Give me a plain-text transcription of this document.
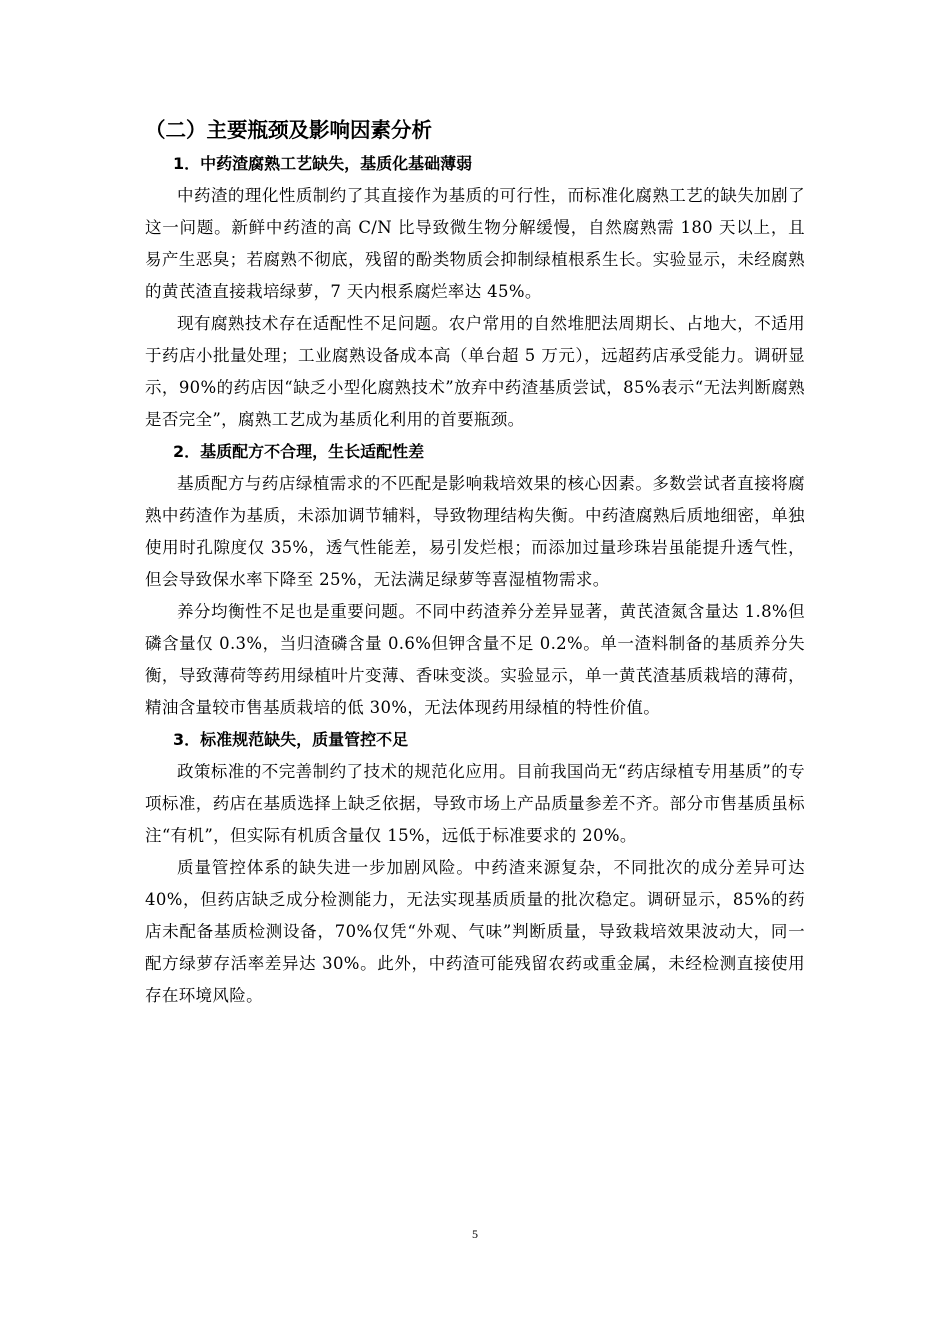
（二）主要瓶颈及影响因素分析
1．中药渣腐熟工艺缺失，基质化基础薄弱

中药渣的理化性质制约了其直接作为基质的可行性，而标准化腐熟工艺的缺失加剧了这一问题。新鲜中药渣的高 C/N 比导致微生物分解缓慢，自然腐熟需 180 天以上，且易产生恶臭；若腐熟不彻底，残留的酚类物质会抑制绿植根系生长。实验显示，未经腐熟的黄芪渣直接栽培绿萝，7 天内根系腐烂率达 45%。

现有腐熟技术存在适配性不足问题。农户常用的自然堆肥法周期长、占地大，不适用于药店小批量处理；工业腐熟设备成本高（单台超 5 万元），远超药店承受能力。调研显示，90%的药店因“缺乏小型化腐熟技术”放弃中药渣基质尝试，85%表示“无法判断腐熟是否完全”，腐熟工艺成为基质化利用的首要瓶颈。

2．基质配方不合理，生长适配性差

基质配方与药店绿植需求的不匹配是影响栽培效果的核心因素。多数尝试者直接将腐熟中药渣作为基质，未添加调节辅料，导致物理结构失衡。中药渣腐熟后质地细密，单独使用时孔隙度仅 35%，透气性能差，易引发烂根；而添加过量珍珠岩虽能提升透气性，但会导致保水率下降至 25%，无法满足绿萝等喜湿植物需求。

养分均衡性不足也是重要问题。不同中药渣养分差异显著，黄芪渣氮含量达 1.8%但磷含量仅 0.3%，当归渣磷含量 0.6%但钾含量不足 0.2%。单一渣料制备的基质养分失衡，导致薄荷等药用绿植叶片变薄、香味变淡。实验显示，单一黄芪渣基质栽培的薄荷，精油含量较市售基质栽培的低 30%，无法体现药用绿植的特性价值。

3．标准规范缺失，质量管控不足

政策标准的不完善制约了技术的规范化应用。目前我国尚无“药店绿植专用基质”的专项标准，药店在基质选择上缺乏依据，导致市场上产品质量参差不齐。部分市售基质虽标注“有机”，但实际有机质含量仅 15%，远低于标准要求的 20%。

质量管控体系的缺失进一步加剧风险。中药渣来源复杂，不同批次的成分差异可达 40%，但药店缺乏成分检测能力，无法实现基质质量的批次稳定。调研显示，85%的药店未配备基质检测设备，70%仅凭“外观、气味”判断质量，导致栽培效果波动大，同一配方绿萝存活率差异达 30%。此外，中药渣可能残留农药或重金属，未经检测直接使用存在环境风险。

5
